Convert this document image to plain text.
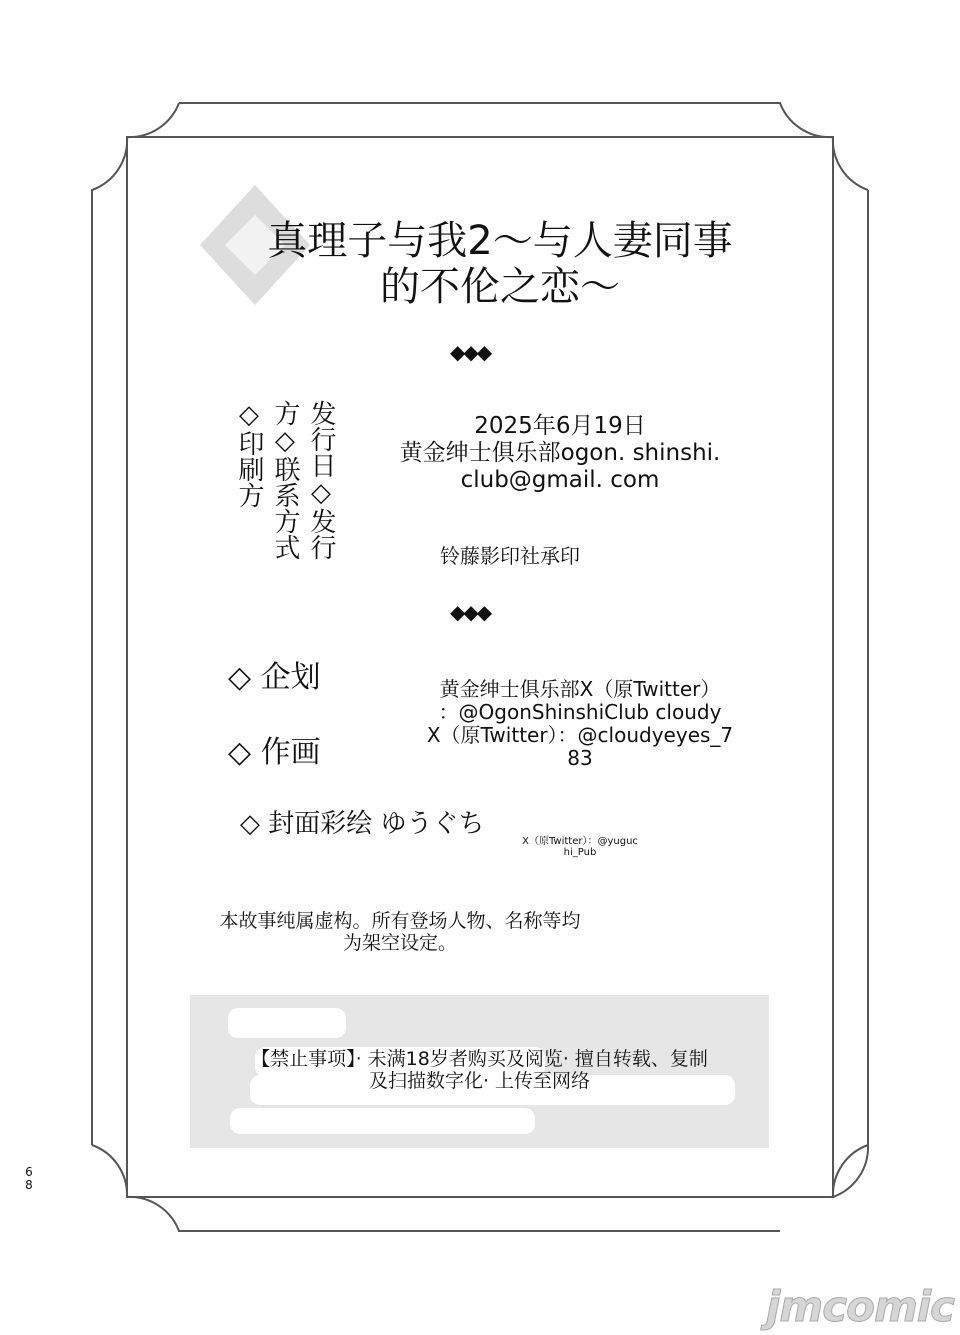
真理子与我2～与人妻同事
的不伦之恋～
◆◆◆
发行日◇发行
方◇联系方式
◇印刷方	2025年6月19日
黄金绅士俱乐部ogon. shinshi.
club@gmail. com
铃藤影印社承印
◆◆◆
◇ 企划
◇ 作画
黄金绅士俱乐部X（原Twitter）
：@OgonShinshiClub cloudy
X（原Twitter）：@cloudyeyes_7
83
◇ 封面彩绘 ゆうぐち
X（原Twitter）：@yuguc
hi_Pub
本故事纯属虚构。所有登场人物、名称等均
为架空设定。
【禁止事项】· 未满18岁者购买及阅览· 擅自转载、复制
及扫描数字化· 上传至网络
6
8
jmcomic
